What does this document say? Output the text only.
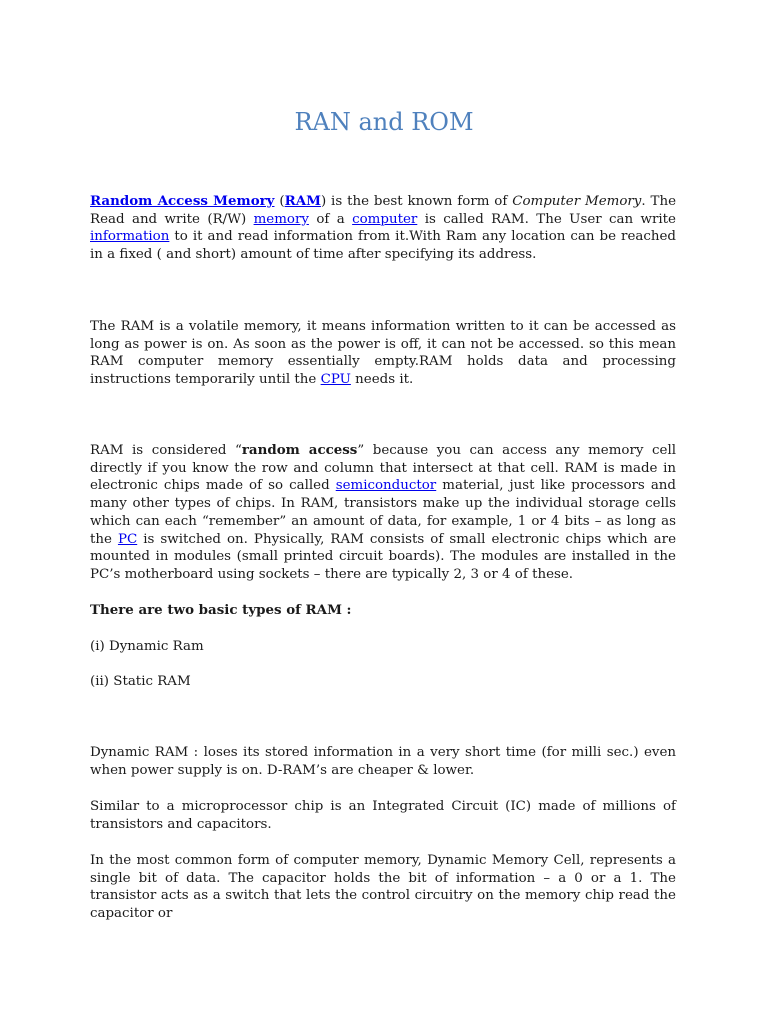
RAN and ROM

Random Access Memory (RAM) is the best known form of Computer Memory. The Read and write (R/W) memory of a computer is called RAM. The User can write information to it and read information from it.With Ram any location can be reached in a fixed ( and short) amount of time after specifying its address.

The RAM is a volatile memory, it means information written to it can be accessed as long as power is on. As soon as the power is off, it can not be accessed. so this mean RAM computer memory essentially empty.RAM holds data and processing instructions temporarily until the CPU needs it.

RAM is considered “random access” because you can access any memory cell directly if you know the row and column that intersect at that cell. RAM is made in electronic chips made of so called semiconductor material, just like processors and many other types of chips. In RAM, transistors make up the individual storage cells which can each “remember” an amount of data, for example, 1 or 4 bits – as long as the PC is switched on. Physically, RAM consists of small electronic chips which are mounted in modules (small printed circuit boards). The modules are installed in the PC’s motherboard using sockets – there are typically 2, 3 or 4 of these.

There are two basic types of RAM :

(i) Dynamic Ram

(ii) Static RAM

Dynamic RAM : loses its stored information in a very short time (for milli sec.) even when power supply is on. D-RAM’s are cheaper & lower.

Similar to a microprocessor chip is an Integrated Circuit (IC) made of millions of transistors and capacitors.

In the most common form of computer memory, Dynamic Memory Cell, represents a single bit of data. The capacitor holds the bit of information – a 0 or a 1. The transistor acts as a switch that lets the control circuitry on the memory chip read the capacitor or
